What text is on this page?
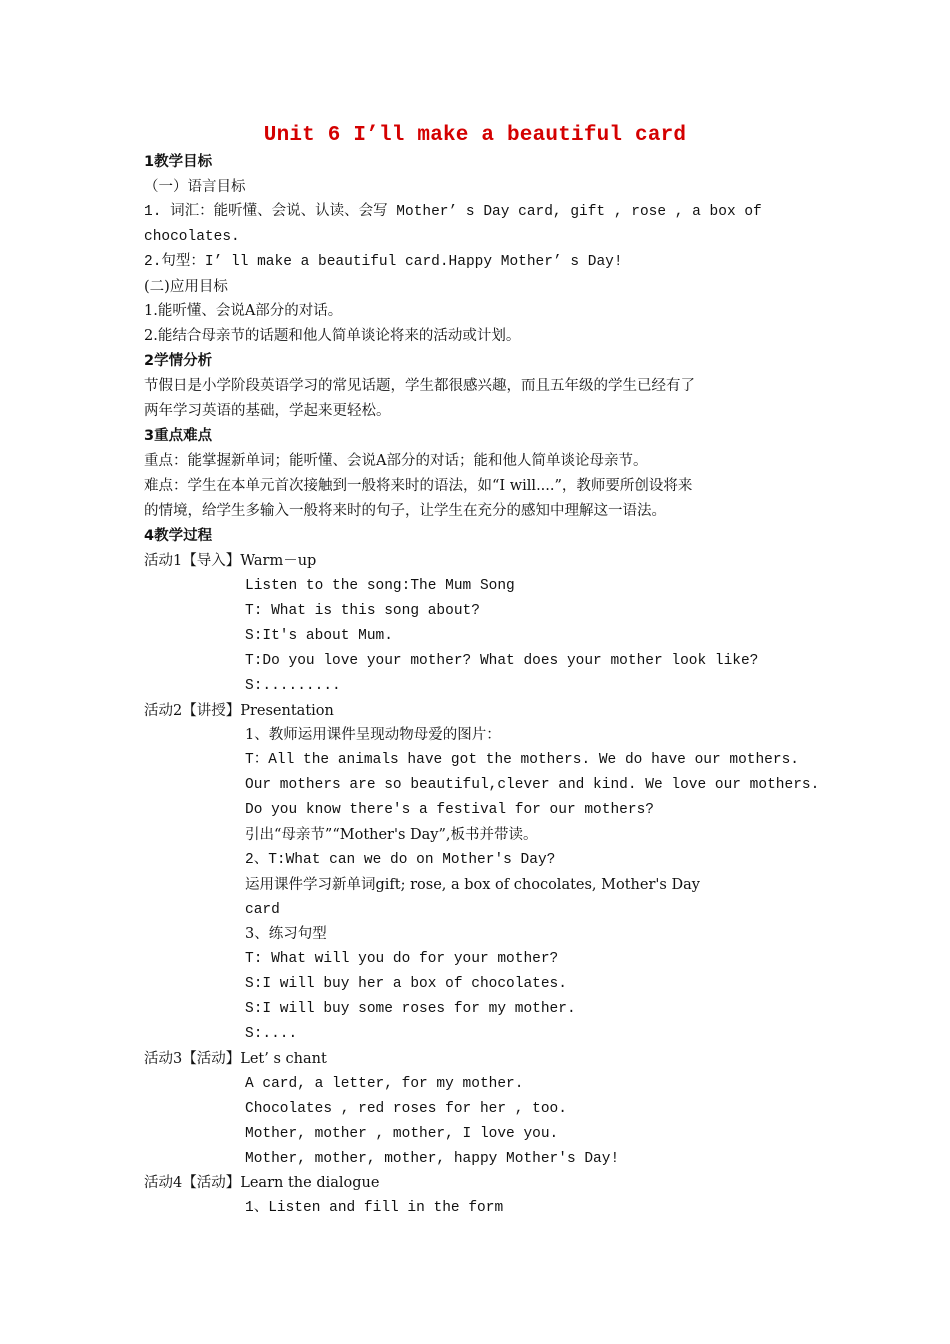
Unit 6 I’ll make a beautiful card
1教学目标
（一）语言目标
1. 词汇：能听懂、会说、认读、会写 Mother’ s Day card, gift , rose , a box of
chocolates.
2.句型：I’ ll make a beautiful card.Happy Mother’ s Day!
(二)应用目标
1.能听懂、会说A部分的对话。
2.能结合母亲节的话题和他人简单谈论将来的活动或计划。
2学情分析
节假日是小学阶段英语学习的常见话题，学生都很感兴趣，而且五年级的学生已经有了
两年学习英语的基础，学起来更轻松。
3重点难点
重点：能掌握新单词；能听懂、会说A部分的对话；能和他人简单谈论母亲节。
难点：学生在本单元首次接触到一般将来时的语法，如“I will....”，教师要所创设将来
的情境，给学生多输入一般将来时的句子，让学生在充分的感知中理解这一语法。
4教学过程
活动1【导入】Warm－up
Listen to the song:The Mum Song
T: What is this song about?
S:It's about Mum.
T:Do you love your mother? What does your mother look like?
S:.........
活动2【讲授】Presentation
1、教师运用课件呈现动物母爱的图片：
T：All the animals have got the mothers. We do have our mothers.
Our mothers are so beautiful,clever and kind. We love our mothers.
Do you know there's a festival for our mothers?
引出“母亲节”“Mother's Day”,板书并带读。
2、T:What can we do on Mother's Day?
运用课件学习新单词gift; rose, a box of chocolates, Mother's Day
card
3、练习句型
T: What will you do for your mother?
S:I will buy her a box of chocolates.
S:I will buy some roses for my mother.
S:....
活动3【活动】Let’ s chant
A card, a letter, for my mother.
Chocolates , red roses for her , too.
Mother, mother , mother, I love you.
Mother, mother, mother, happy Mother's Day!
活动4【活动】Learn the dialogue
1、Listen and fill in the form
